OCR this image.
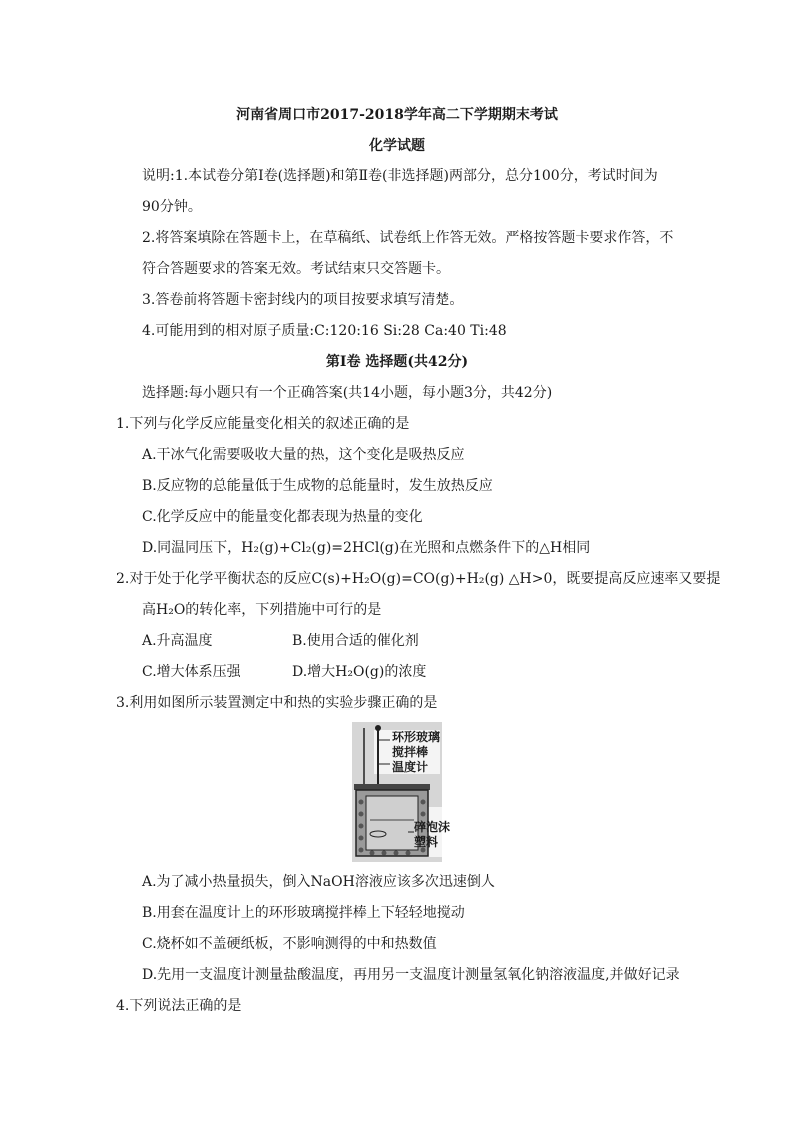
河南省周口市2017-2018学年高二下学期期末考试
化学试题
说明:1.本试卷分第Ⅰ卷(选择题)和第Ⅱ卷(非选择题)两部分，总分100分，考试时间为
90分钟。
2.将答案填除在答题卡上，在草稿纸、试卷纸上作答无效。严格按答题卡要求作答，不
符合答题要求的答案无效。考试结束只交答题卡。
3.答卷前将答题卡密封线内的项目按要求填写清楚。
4.可能用到的相对原子质量:C:120:16 Si:28 Ca:40 Ti:48
第Ⅰ卷 选择题(共42分)
选择题:每小题只有一个正确答案(共14小题，每小题3分，共42分)
1.下列与化学反应能量变化相关的叙述正确的是
A.干冰气化需要吸收大量的热，这个变化是吸热反应
B.反应物的总能量低于生成物的总能量时，发生放热反应
C.化学反应中的能量变化都表现为热量的变化
D.同温同压下，H₂(g)+Cl₂(g)=2HCl(g)在光照和点燃条件下的△H相同
2.对于处于化学平衡状态的反应C(s)+H₂O(g)=CO(g)+H₂(g) △H>0，既要提高反应速率又要提
高H₂O的转化率，下列措施中可行的是
A.升高温度	B.使用合适的催化剂
C.增大体系压强	D.增大H₂O(g)的浓度
3.利用如图所示装置测定中和热的实验步骤正确的是
环形玻璃
搅拌棒
温度计
碎泡沫
塑料
A.为了减小热量损失，倒入NaOH溶液应该多次迅速倒人
B.用套在温度计上的环形玻璃搅拌棒上下轻轻地搅动
C.烧杯如不盖硬纸板，不影响测得的中和热数值
D.先用一支温度计测量盐酸温度，再用另一支温度计测量氢氧化钠溶液温度,并做好记录
4.下列说法正确的是
